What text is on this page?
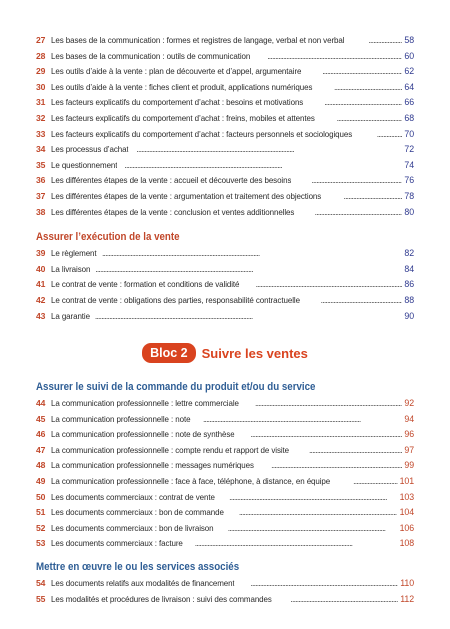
27 Les bases de la communication : formes et registres de langage, verbal et non verbal . . .	58
28 Les bases de la communication : outils de communication . . .	60
29 Les outils d’aide à la vente : plan de découverte et d’appel, argumentaire . . .	62
30 Les outils d’aide à la vente : fiches client et produit, applications numériques . . .	64
31 Les facteurs explicatifs du comportement d’achat : besoins et motivations . . .	66
32 Les facteurs explicatifs du comportement d’achat : freins, mobiles et attentes . . .	68
33 Les facteurs explicatifs du comportement d’achat : facteurs personnels et sociologiques . . .	70
34 Les processus d’achat . . .	72
35 Le questionnement . . .	74
36 Les différentes étapes de la vente : accueil et découverte des besoins . . .	76
37 Les différentes étapes de la vente : argumentation et traitement des objections . . .	78
38 Les différentes étapes de la vente : conclusion et ventes additionnelles . . .	80
Assurer l’exécution de la vente
39 Le règlement . . .	82
40 La livraison . . .	84
41 Le contrat de vente : formation et conditions de validité . . .	86
42 Le contrat de vente : obligations des parties, responsabilité contractuelle . . .	88
43 La garantie . . .	90
Bloc 2	Suivre les ventes
Assurer le suivi de la commande du produit et/ou du service
44 La communication professionnelle : lettre commerciale . . .	92
45 La communication professionnelle : note . . .	94
46 La communication professionnelle : note de synthèse . . .	96
47 La communication professionnelle : compte rendu et rapport de visite . . .	97
48 La communication professionnelle : messages numériques . . .	99
49 La communication professionnelle : face à face, téléphone, à distance, en équipe . . .	101
50 Les documents commerciaux : contrat de vente . . .	103
51 Les documents commerciaux : bon de commande . . .	104
52 Les documents commerciaux : bon de livraison . . .	106
53 Les documents commerciaux : facture . . .	108
Mettre en œuvre le ou les services associés
54 Les documents relatifs aux modalités de financement . . .	110
55 Les modalités et procédures de livraison : suivi des commandes . . .	112
